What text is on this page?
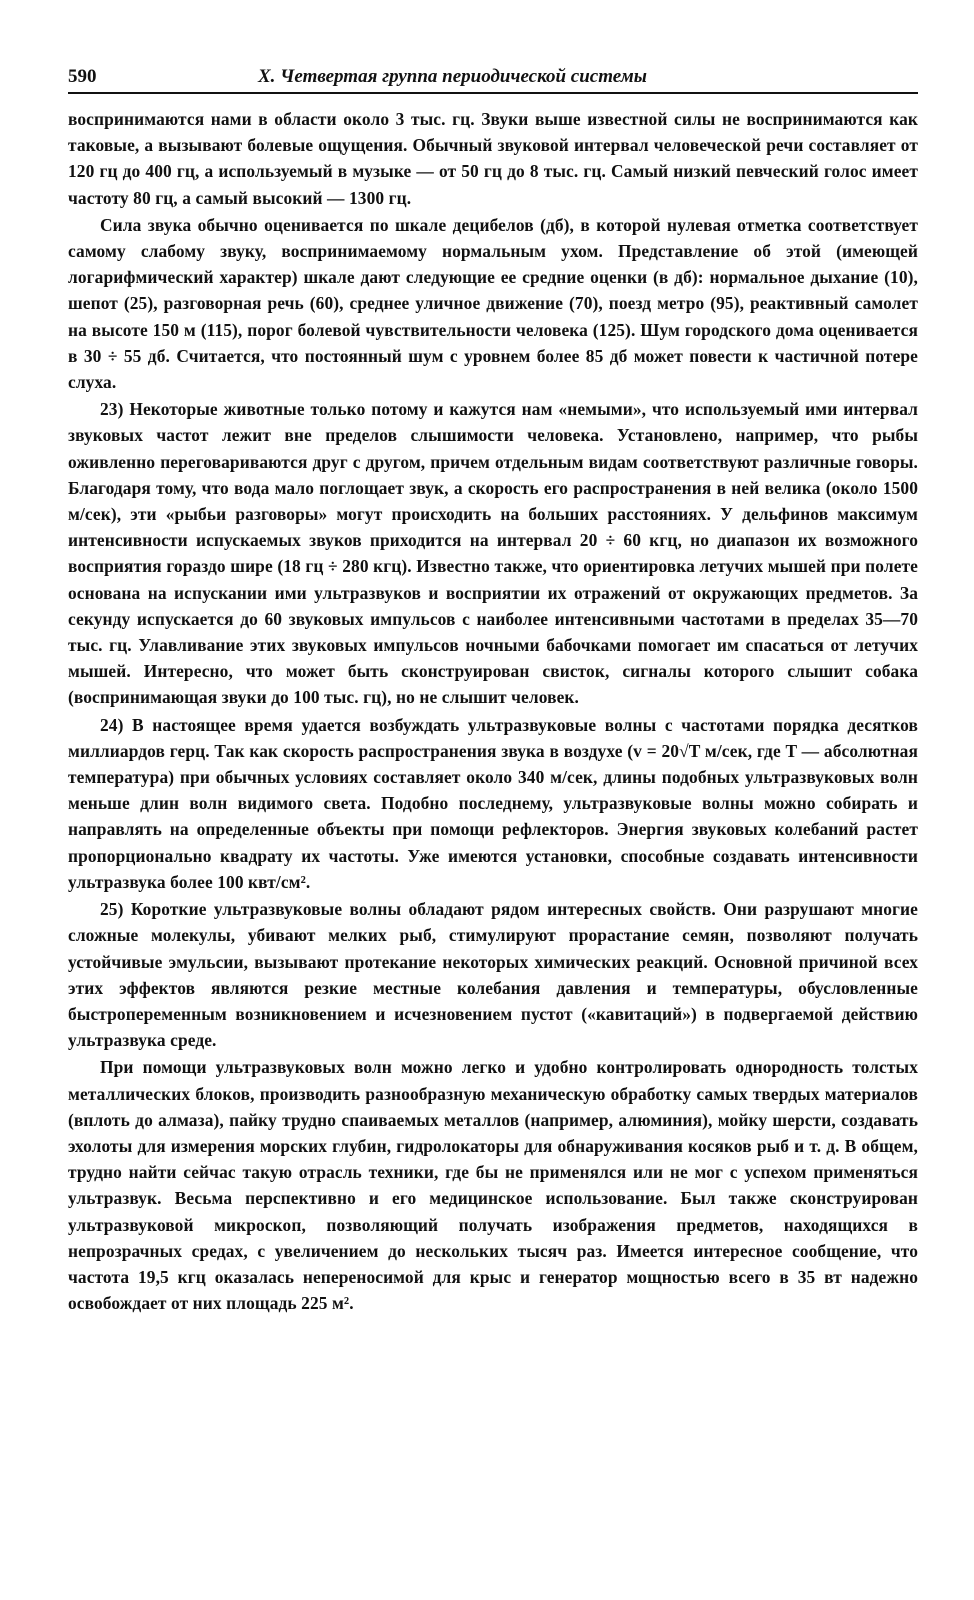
590	X. Четвертая группа периодической системы

воспринимаются нами в области около 3 тыс. гц. Звуки выше известной силы не воспринимаются как таковые, а вызывают болевые ощущения. Обычный звуковой интервал человеческой речи составляет от 120 гц до 400 гц, а используемый в музыке — от 50 гц до 8 тыс. гц. Самый низкий певческий голос имеет частоту 80 гц, а самый высокий — 1300 гц.

Сила звука обычно оценивается по шкале децибелов (дб), в которой нулевая отметка соответствует самому слабому звуку, воспринимаемому нормальным ухом. Представление об этой (имеющей логарифмический характер) шкале дают следующие ее средние оценки (в дб): нормальное дыхание (10), шепот (25), разговорная речь (60), среднее уличное движение (70), поезд метро (95), реактивный самолет на высоте 150 м (115), порог болевой чувствительности человека (125). Шум городского дома оценивается в 30 ÷ 55 дб. Считается, что постоянный шум с уровнем более 85 дб может повести к частичной потере слуха.

23) Некоторые животные только потому и кажутся нам «немыми», что используемый ими интервал звуковых частот лежит вне пределов слышимости человека. Установлено, например, что рыбы оживленно переговариваются друг с другом, причем отдельным видам соответствуют различные говоры. Благодаря тому, что вода мало поглощает звук, а скорость его распространения в ней велика (около 1500 м/сек), эти «рыбьи разговоры» могут происходить на больших расстояниях. У дельфинов максимум интенсивности испускаемых звуков приходится на интервал 20 ÷ 60 кгц, но диапазон их возможного восприятия гораздо шире (18 гц ÷ 280 кгц). Известно также, что ориентировка летучих мышей при полете основана на испускании ими ультразвуков и восприятии их отражений от окружающих предметов. За секунду испускается до 60 звуковых импульсов с наиболее интенсивными частотами в пределах 35—70 тыс. гц. Улавливание этих звуковых импульсов ночными бабочками помогает им спасаться от летучих мышей. Интересно, что может быть сконструирован свисток, сигналы которого слышит собака (воспринимающая звуки до 100 тыс. гц), но не слышит человек.

24) В настоящее время удается возбуждать ультразвуковые волны с частотами порядка десятков миллиардов герц. Так как скорость распространения звука в воздухе (v = 20√T м/сек, где T — абсолютная температура) при обычных условиях составляет около 340 м/сек, длины подобных ультразвуковых волн меньше длин волн видимого света. Подобно последнему, ультразвуковые волны можно собирать и направлять на определенные объекты при помощи рефлекторов. Энергия звуковых колебаний растет пропорционально квадрату их частоты. Уже имеются установки, способные создавать интенсивности ультразвука более 100 квт/см².

25) Короткие ультразвуковые волны обладают рядом интересных свойств. Они разрушают многие сложные молекулы, убивают мелких рыб, стимулируют прорастание семян, позволяют получать устойчивые эмульсии, вызывают протекание некоторых химических реакций. Основной причиной всех этих эффектов являются резкие местные колебания давления и температуры, обусловленные быстропеременным возникновением и исчезновением пустот («кавитаций») в подвергаемой действию ультразвука среде.

При помощи ультразвуковых волн можно легко и удобно контролировать однородность толстых металлических блоков, производить разнообразную механическую обработку самых твердых материалов (вплоть до алмаза), пайку трудно спаиваемых металлов (например, алюминия), мойку шерсти, создавать эхолоты для измерения морских глубин, гидролокаторы для обнаруживания косяков рыб и т. д. В общем, трудно найти сейчас такую отрасль техники, где бы не применялся или не мог с успехом применяться ультразвук. Весьма перспективно и его медицинское использование. Был также сконструирован ультразвуковой микроскоп, позволяющий получать изображения предметов, находящихся в непрозрачных средах, с увеличением до нескольких тысяч раз. Имеется интересное сообщение, что частота 19,5 кгц оказалась непереносимой для крыс и генератор мощностью всего в 35 вт надежно освобождает от них площадь 225 м².
